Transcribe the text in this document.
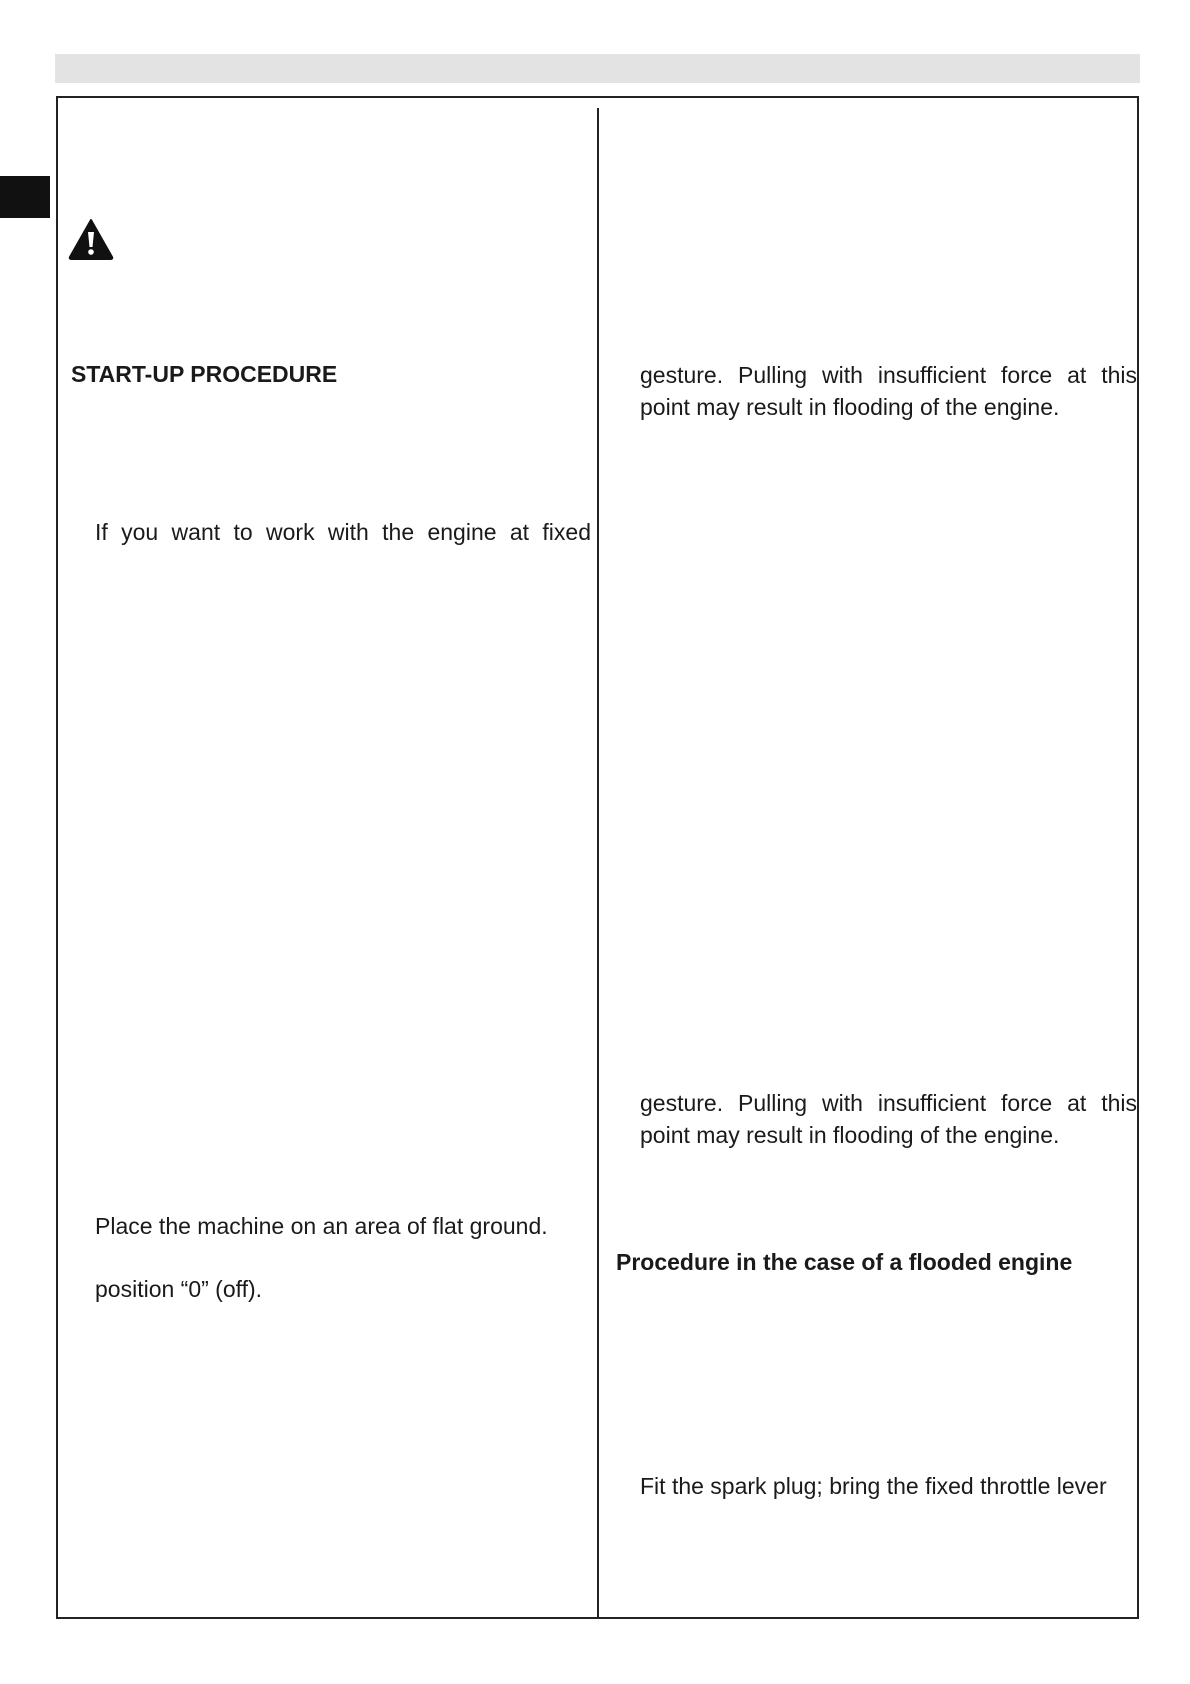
START-UP PROCEDURE
If you want to work with the engine at fixed
Place the machine on an area of flat ground.
position “0” (off).
gesture. Pulling with insufficient force at this
point may result in flooding of the engine.
gesture. Pulling with insufficient force at this
point may result in flooding of the engine.
Procedure in the case of a flooded engine
Fit the spark plug; bring the fixed throttle lever
